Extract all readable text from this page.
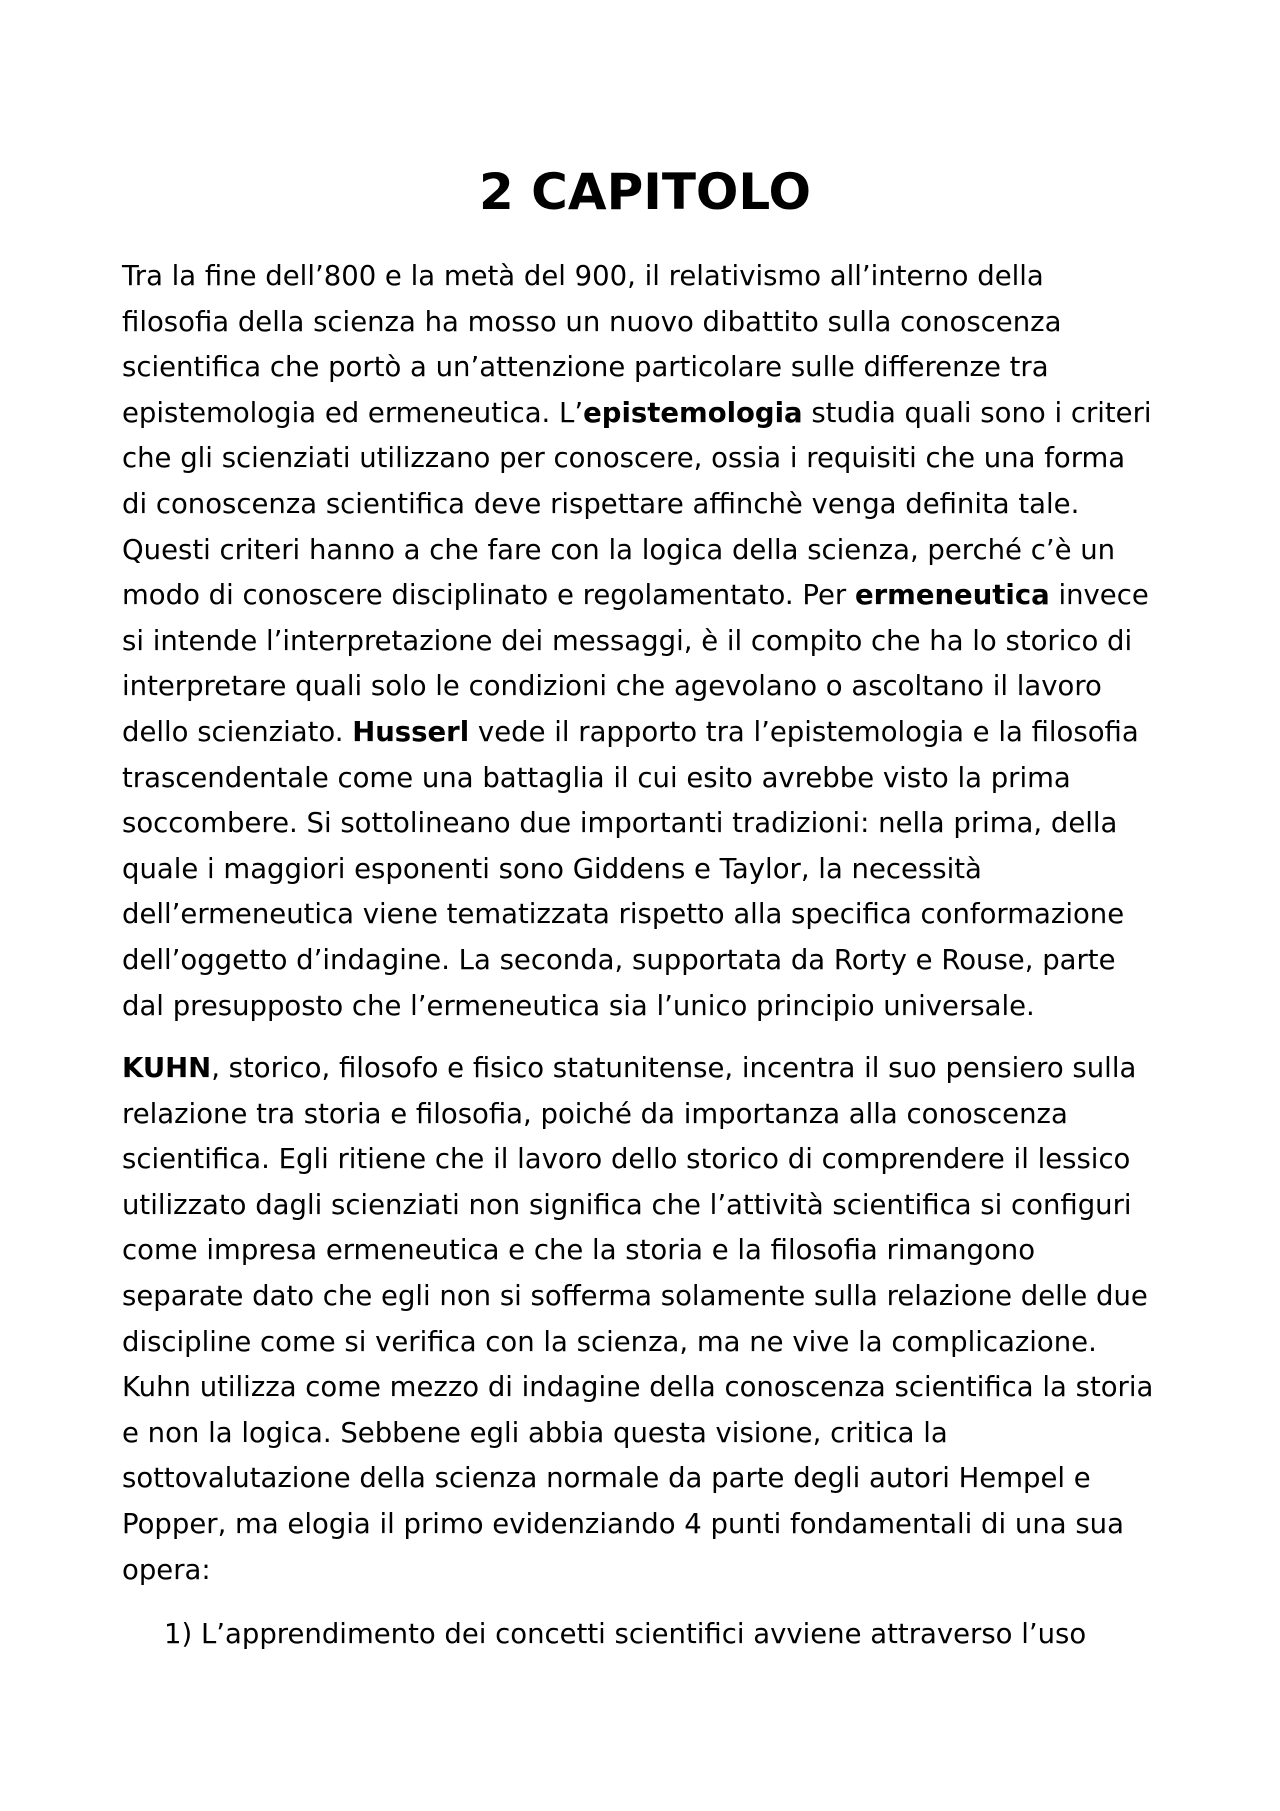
2 CAPITOLO
Tra la fine dell’800 e la metà del 900, il relativismo all’interno della
filosofia della scienza ha mosso un nuovo dibattito sulla conoscenza
scientifica che portò a un’attenzione particolare sulle differenze tra
epistemologia ed ermeneutica. L’epistemologia studia quali sono i criteri
che gli scienziati utilizzano per conoscere, ossia i requisiti che una forma
di conoscenza scientifica deve rispettare affinchè venga definita tale.
Questi criteri hanno a che fare con la logica della scienza, perché c’è un
modo di conoscere disciplinato e regolamentato. Per ermeneutica invece
si intende l’interpretazione dei messaggi, è il compito che ha lo storico di
interpretare quali solo le condizioni che agevolano o ascoltano il lavoro
dello scienziato. Husserl vede il rapporto tra l’epistemologia e la filosofia
trascendentale come una battaglia il cui esito avrebbe visto la prima
soccombere. Si sottolineano due importanti tradizioni: nella prima, della
quale i maggiori esponenti sono Giddens e Taylor, la necessità
dell’ermeneutica viene tematizzata rispetto alla specifica conformazione
dell’oggetto d’indagine. La seconda, supportata da Rorty e Rouse, parte
dal presupposto che l’ermeneutica sia l’unico principio universale.
KUHN, storico, filosofo e fisico statunitense, incentra il suo pensiero sulla
relazione tra storia e filosofia, poiché da importanza alla conoscenza
scientifica. Egli ritiene che il lavoro dello storico di comprendere il lessico
utilizzato dagli scienziati non significa che l’attività scientifica si configuri
come impresa ermeneutica e che la storia e la filosofia rimangono
separate dato che egli non si sofferma solamente sulla relazione delle due
discipline come si verifica con la scienza, ma ne vive la complicazione.
Kuhn utilizza come mezzo di indagine della conoscenza scientifica la storia
e non la logica. Sebbene egli abbia questa visione, critica la
sottovalutazione della scienza normale da parte degli autori Hempel e
Popper, ma elogia il primo evidenziando 4 punti fondamentali di una sua
opera:
1) L’apprendimento dei concetti scientifici avviene attraverso l’uso
